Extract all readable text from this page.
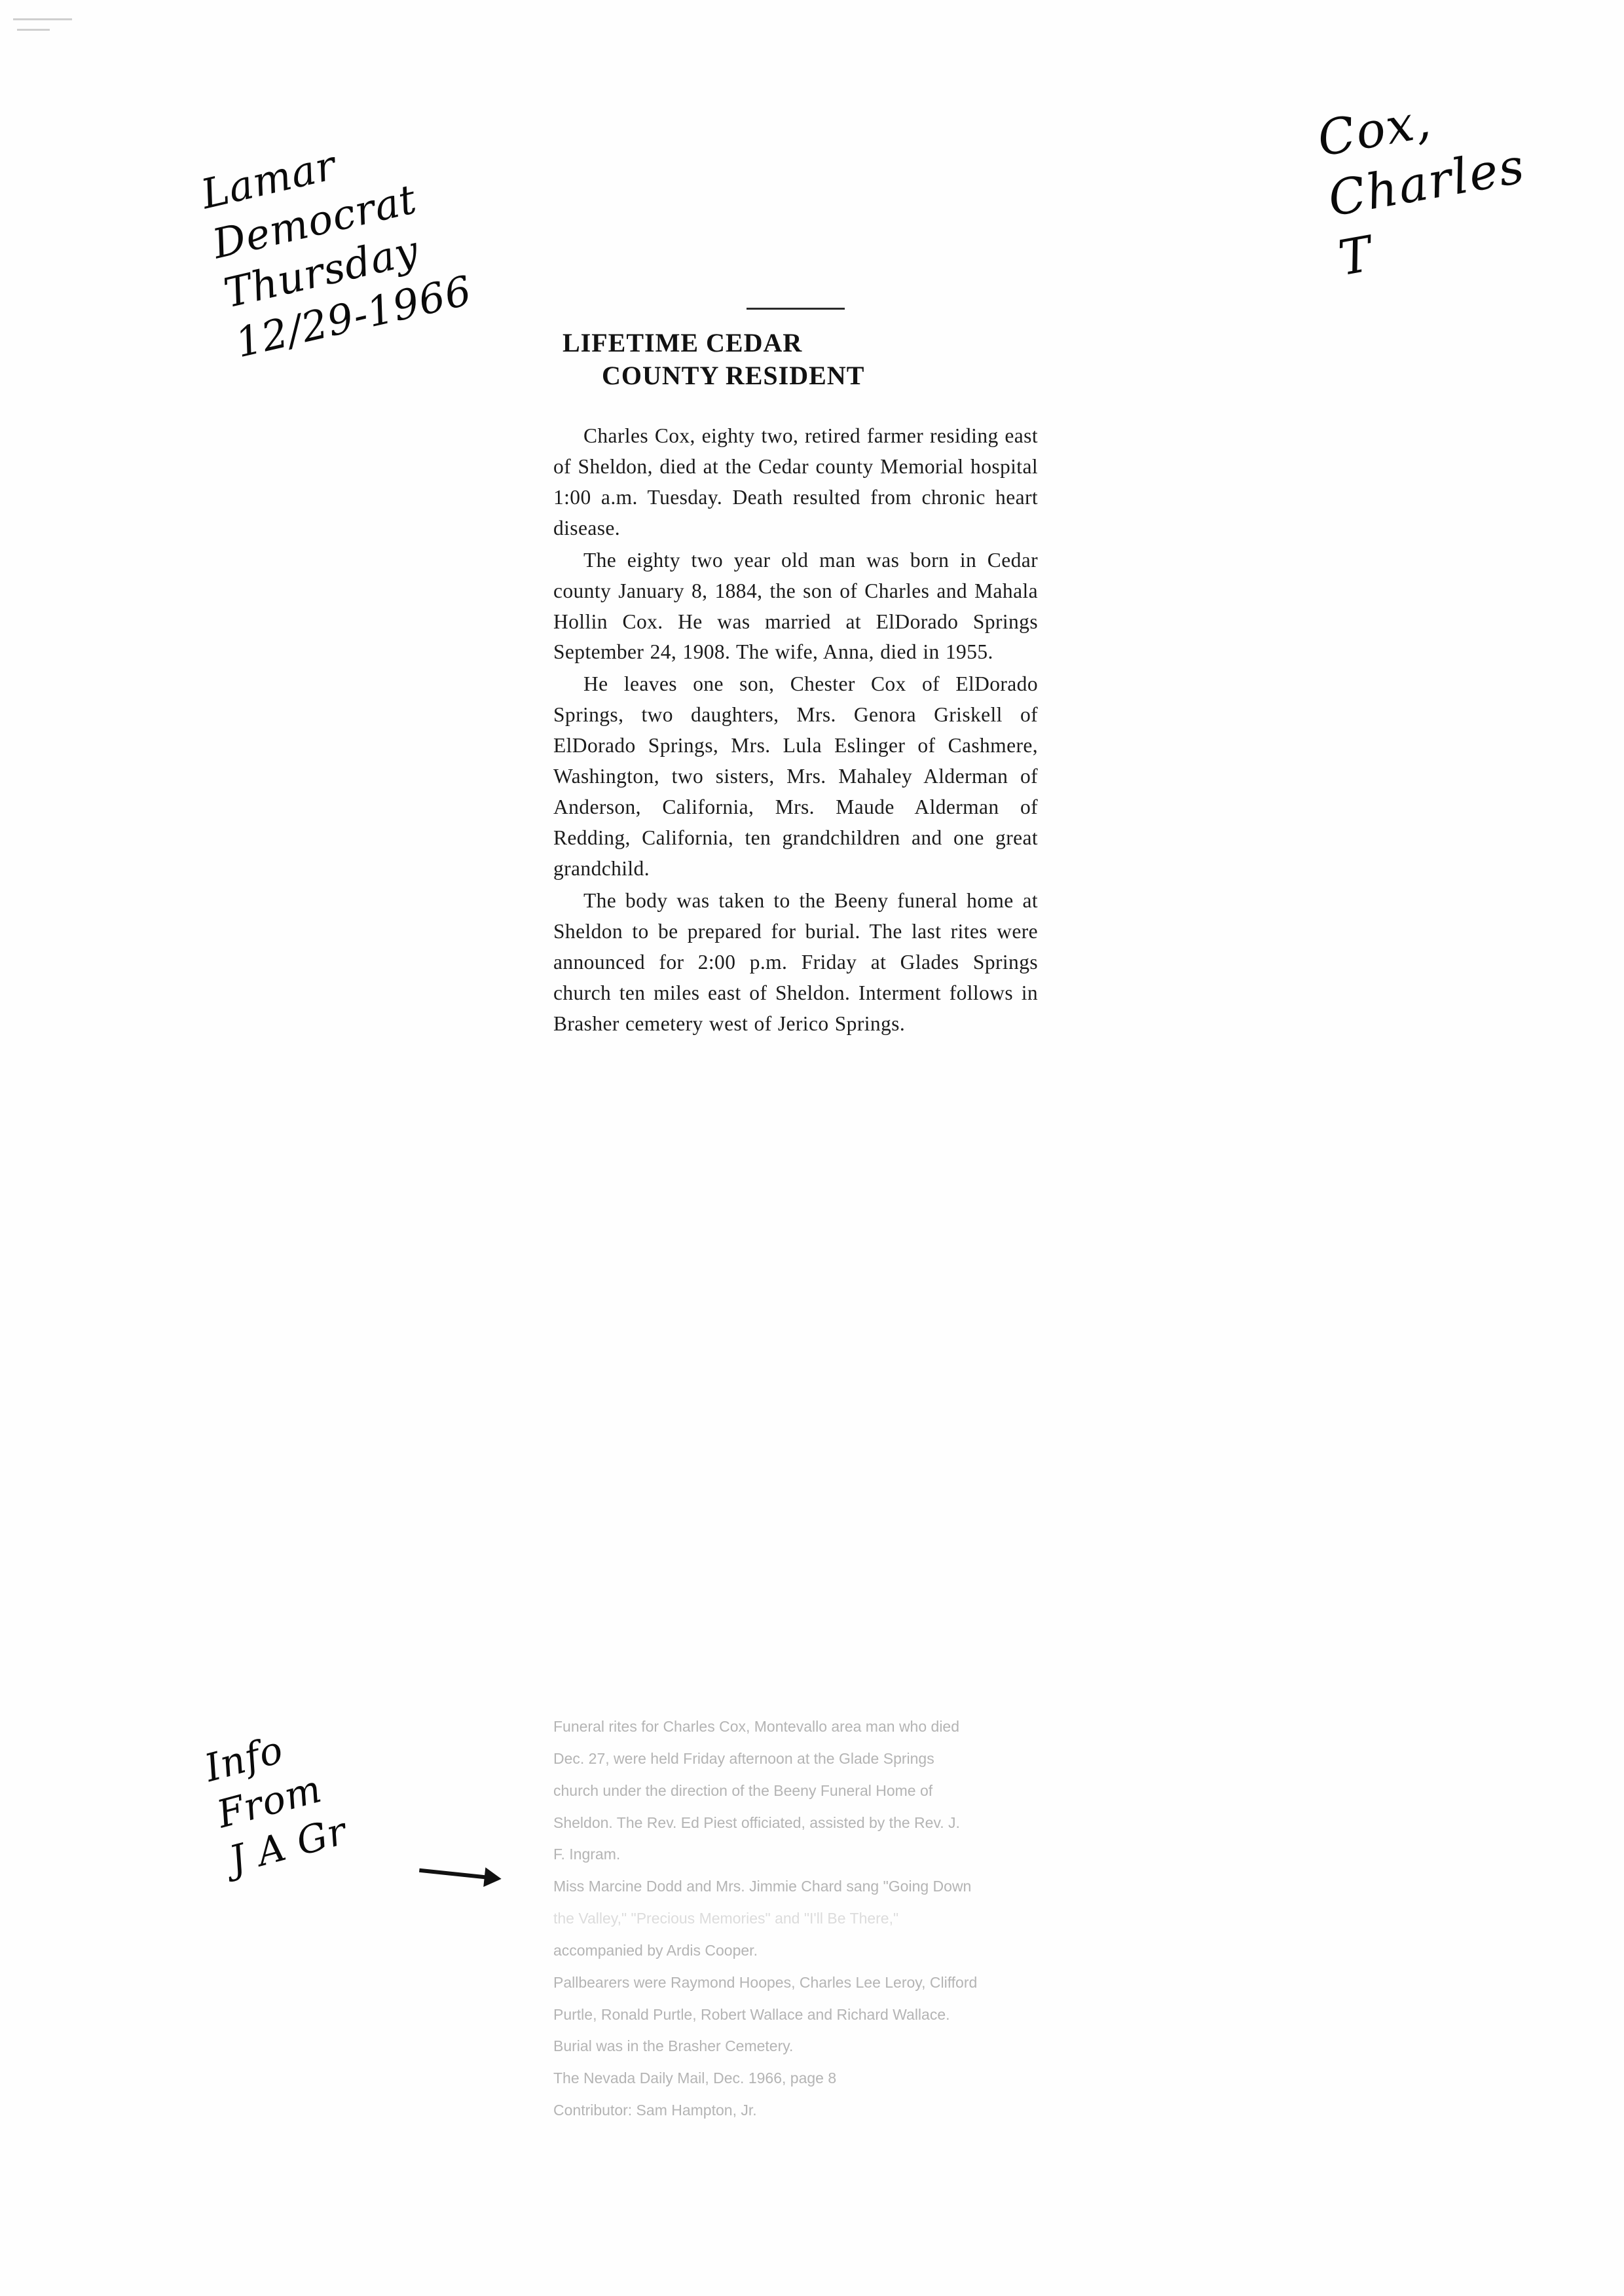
Lamar
Democrat
Thursday
12/29-1966
Cox,
Charles
T
Info
From
J A Gr
LIFETIME CEDAR
COUNTY RESIDENT

Charles Cox, eighty two, retired farmer residing east of Sheldon, died at the Cedar county Memorial hospital 1:00 a.m. Tuesday. Death resulted from chronic heart disease.

The eighty two year old man was born in Cedar county January 8, 1884, the son of Charles and Mahala Hollin Cox. He was married at ElDorado Springs September 24, 1908. The wife, Anna, died in 1955.

He leaves one son, Chester Cox of ElDorado Springs, two daughters, Mrs. Genora Griskell of ElDorado Springs, Mrs. Lula Eslinger of Cashmere, Washington, two sisters, Mrs. Mahaley Alderman of Anderson, California, Mrs. Maude Alderman of Redding, California, ten grandchildren and one great grandchild.

The body was taken to the Beeny funeral home at Sheldon to be prepared for burial. The last rites were announced for 2:00 p.m. Friday at Glades Springs church ten miles east of Sheldon. Interment follows in Brasher cemetery west of Jerico Springs.

Funeral rites for Charles Cox, Montevallo area man who died

Dec. 27, were held Friday afternoon at the Glade Springs

church under the direction of the Beeny Funeral Home of

Sheldon. The Rev. Ed Piest officiated, assisted by the Rev. J.

F. Ingram.

Miss Marcine Dodd and Mrs. Jimmie Chard sang "Going Down

the Valley," "Precious Memories" and "I'll Be There,"

accompanied by Ardis Cooper.

Pallbearers were Raymond Hoopes, Charles Lee Leroy, Clifford

Purtle, Ronald Purtle, Robert Wallace and Richard Wallace.

Burial was in the Brasher Cemetery.

The Nevada Daily Mail, Dec. 1966, page 8

Contributor: Sam Hampton, Jr.
